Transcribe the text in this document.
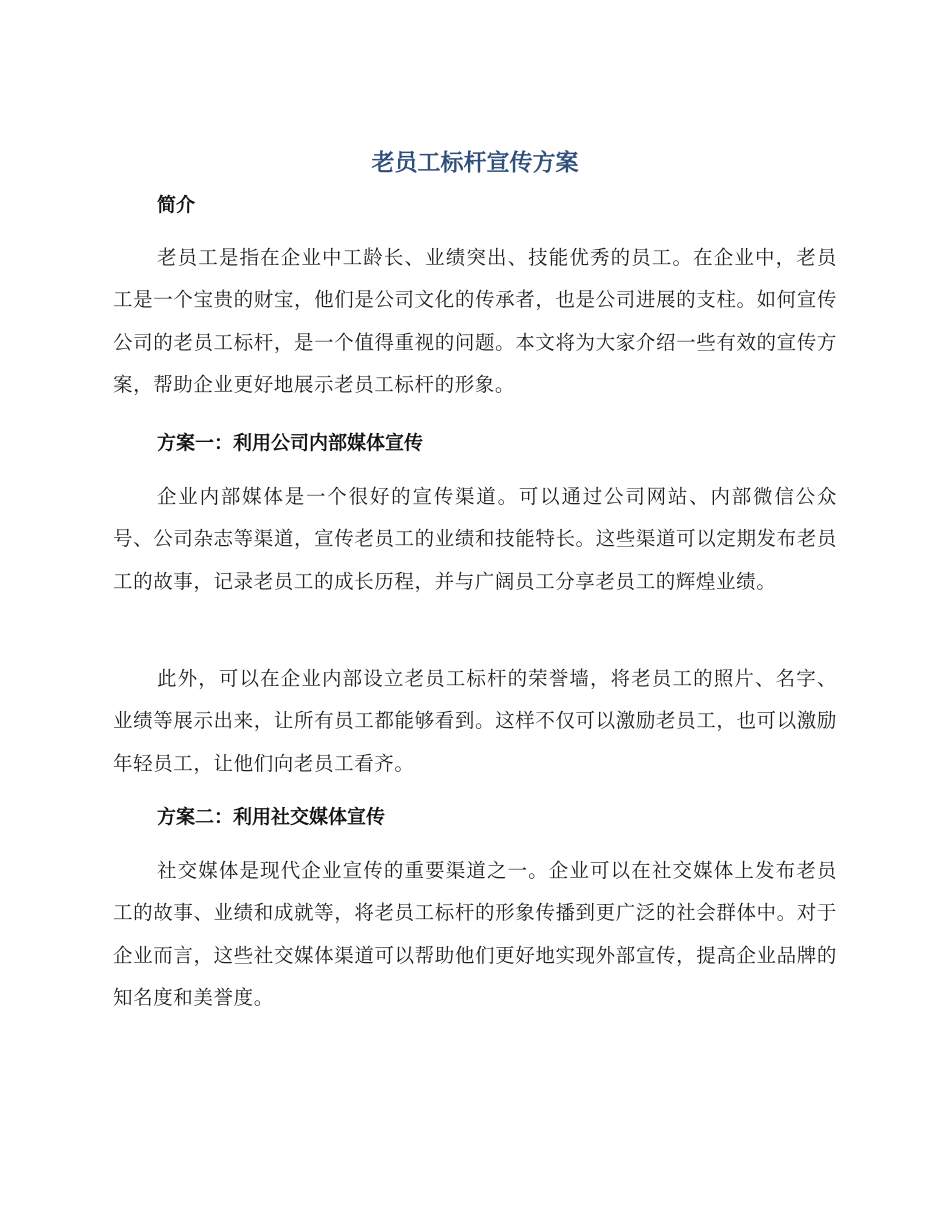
老员工标杆宣传方案
简介

老员工是指在企业中工龄长、业绩突出、技能优秀的员工。在企业中，老员工是一个宝贵的财宝，他们是公司文化的传承者，也是公司进展的支柱。如何宣传公司的老员工标杆，是一个值得重视的问题。本文将为大家介绍一些有效的宣传方案，帮助企业更好地展示老员工标杆的形象。

方案一：利用公司内部媒体宣传

企业内部媒体是一个很好的宣传渠道。可以通过公司网站、内部微信公众号、公司杂志等渠道，宣传老员工的业绩和技能特长。这些渠道可以定期发布老员工的故事，记录老员工的成长历程，并与广阔员工分享老员工的辉煌业绩。

此外，可以在企业内部设立老员工标杆的荣誉墙，将老员工的照片、名字、业绩等展示出来，让所有员工都能够看到。这样不仅可以激励老员工，也可以激励年轻员工，让他们向老员工看齐。

方案二：利用社交媒体宣传

社交媒体是现代企业宣传的重要渠道之一。企业可以在社交媒体上发布老员工的故事、业绩和成就等，将老员工标杆的形象传播到更广泛的社会群体中。对于企业而言，这些社交媒体渠道可以帮助他们更好地实现外部宣传，提高企业品牌的知名度和美誉度。
